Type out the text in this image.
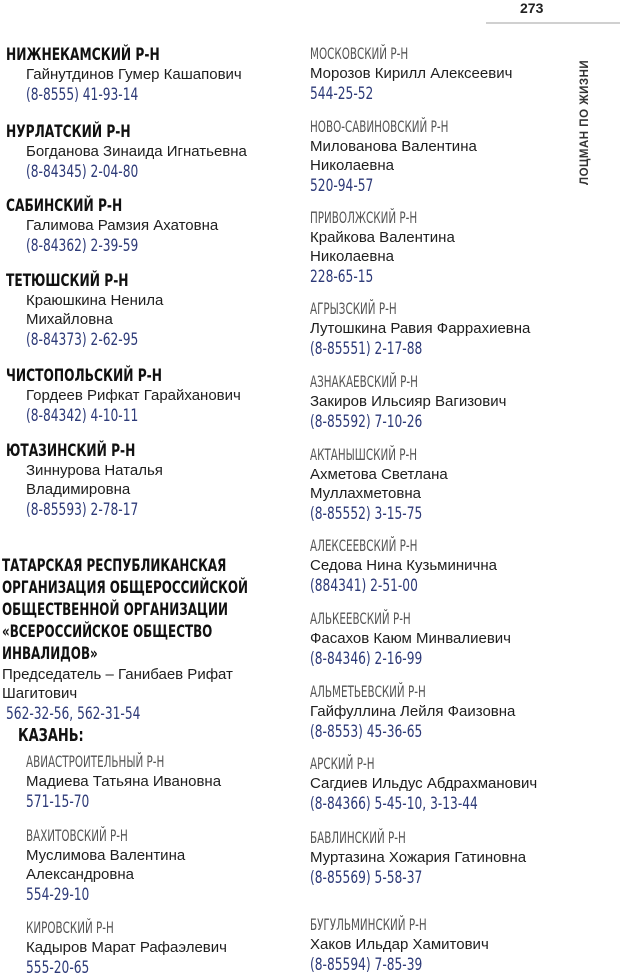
273
ЛОЦМАН ПО ЖИЗНИ
НИЖНЕКАМСКИЙ Р-Н
Гайнутдинов Гумер Кашапович
(8-8555) 41-93-14
НУРЛАТСКИЙ Р-Н
Богданова Зинаида Игнатьевна
(8-84345) 2-04-80
САБИНСКИЙ Р-Н
Галимова Рамзия Ахатовна
(8-84362) 2-39-59
ТЕТЮШСКИЙ Р-Н
Краюшкина Ненила
Михайловна
(8-84373) 2-62-95
ЧИСТОПОЛЬСКИЙ Р-Н
Гордеев Рифкат Гарайханович
(8-84342) 4-10-11
ЮТАЗИНСКИЙ Р-Н
Зиннурова Наталья
Владимировна
(8-85593) 2-78-17
ТАТАРСКАЯ РЕСПУБЛИКАНСКАЯ
ОРГАНИЗАЦИЯ ОБЩЕРОССИЙСКОЙ
ОБЩЕСТВЕННОЙ ОРГАНИЗАЦИИ
«ВСЕРОССИЙСКОЕ ОБЩЕСТВО
ИНВАЛИДОВ»
Председатель – Ганибаев Рифат
Шагитович
562-32-56, 562-31-54
КАЗАНЬ:
АВИАСТРОИТЕЛЬНЫЙ Р-Н
Мадиева Татьяна Ивановна
571-15-70
ВАХИТОВСКИЙ Р-Н
Муслимова Валентина
Александровна
554-29-10
КИРОВСКИЙ Р-Н
Кадыров Марат Рафаэлевич
555-20-65
МОСКОВСКИЙ Р-Н
Морозов Кирилл Алексеевич
544-25-52
НОВО-САВИНОВСКИЙ Р-Н
Милованова Валентина
Николаевна
520-94-57
ПРИВОЛЖСКИЙ Р-Н
Крайкова Валентина
Николаевна
228-65-15
АГРЫЗСКИЙ Р-Н
Лутошкина Равия Фаррахиевна
(8-85551) 2-17-88
АЗНАКАЕВСКИЙ Р-Н
Закиров Ильсияр Вагизович
(8-85592) 7-10-26
АКТАНЫШСКИЙ Р-Н
Ахметова Светлана
Муллахметовна
(8-85552) 3-15-75
АЛЕКСЕЕВСКИЙ Р-Н
Седова Нина Кузьминична
(884341) 2-51-00
АЛЬКЕЕВСКИЙ Р-Н
Фасахов Каюм Минвалиевич
(8-84346) 2-16-99
АЛЬМЕТЬЕВСКИЙ Р-Н
Гайфуллина Лейля Фаизовна
(8-8553) 45-36-65
АРСКИЙ Р-Н
Сагдиев Ильдус Абдрахманович
(8-84366) 5-45-10, 3-13-44
БАВЛИНСКИЙ Р-Н
Муртазина Хожария Гатиновна
(8-85569) 5-58-37
БУГУЛЬМИНСКИЙ Р-Н
Хаков Ильдар Хамитович
(8-85594) 7-85-39
